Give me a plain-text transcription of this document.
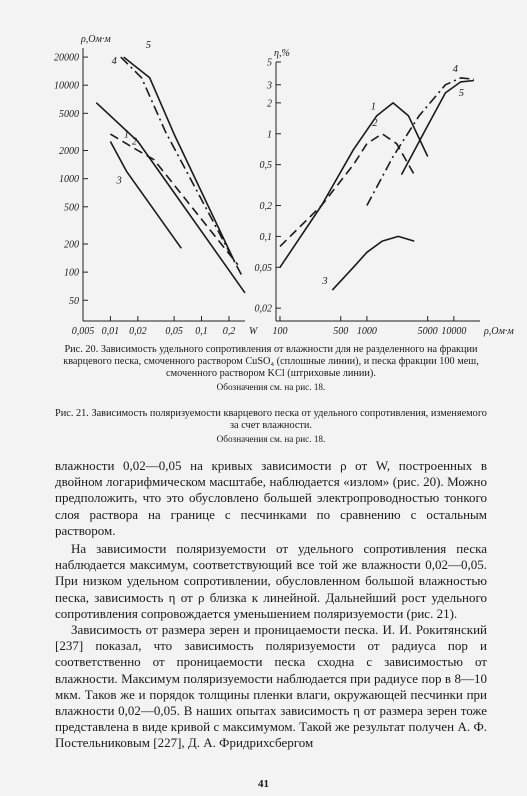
20000
10000
5000
2000
1000
500
200
100
50
0,005 0,01 0,02 0,05 0,1 0,2
ρ,Ом·м
W
1
2
3
4
5
5
3
2
1
0,5
0,2
0,1
0,05
0,02
100	500 1000	5000 10000
η,%
ρ,Ом·м
1
2
3
4
5
Рис. 20. Зависимость удельного сопротивления от влажности для не разделенного на фракции кварцевого песка, смоченного раствором CuSO₄ (сплошные линии), и песка фракции 100 меш, смоченного раствором KCl (штриховые линии).
Обозначения см. на рис. 18.
Рис. 21. Зависимость поляризуемости кварцевого песка от удельного сопротивления, изменяемого за счет влажности.
Обозначения см. на рис. 18.

влажности 0,02—0,05 на кривых зависимости ρ от W, построенных в двойном логарифмическом масштабе, наблюдается «излом» (рис. 20). Можно предположить, что это обусловлено большей электропроводностью тонкого слоя раствора на границе с песчинками по сравнению с остальным раствором.

На зависимости поляризуемости от удельного сопротивления песка наблюдается максимум, соответствующий все той же влажности 0,02—0,05. При низком удельном сопротивлении, обусловленном большой влажностью песка, зависимость η от ρ близка к линейной. Дальнейший рост удельного сопротивления сопровождается уменьшением поляризуемости (рис. 21).

Зависимость от размера зерен и проницаемости песка. И. И. Рокитянский [237] показал, что зависимость поляризуемости от радиуса пор и соответственно от проницаемости песка сходна с зависимостью от влажности. Максимум поляризуемости наблюдается при радиусе пор в 8—10 мкм. Таков же и порядок толщины пленки влаги, окружающей песчинки при влажности 0,02—0,05. В наших опытах зависимость η от размера зерен тоже представлена в виде кривой с максимумом. Такой же результат получен А. Ф. Постельниковым [227], Д. А. Фридрихсбергом

41
